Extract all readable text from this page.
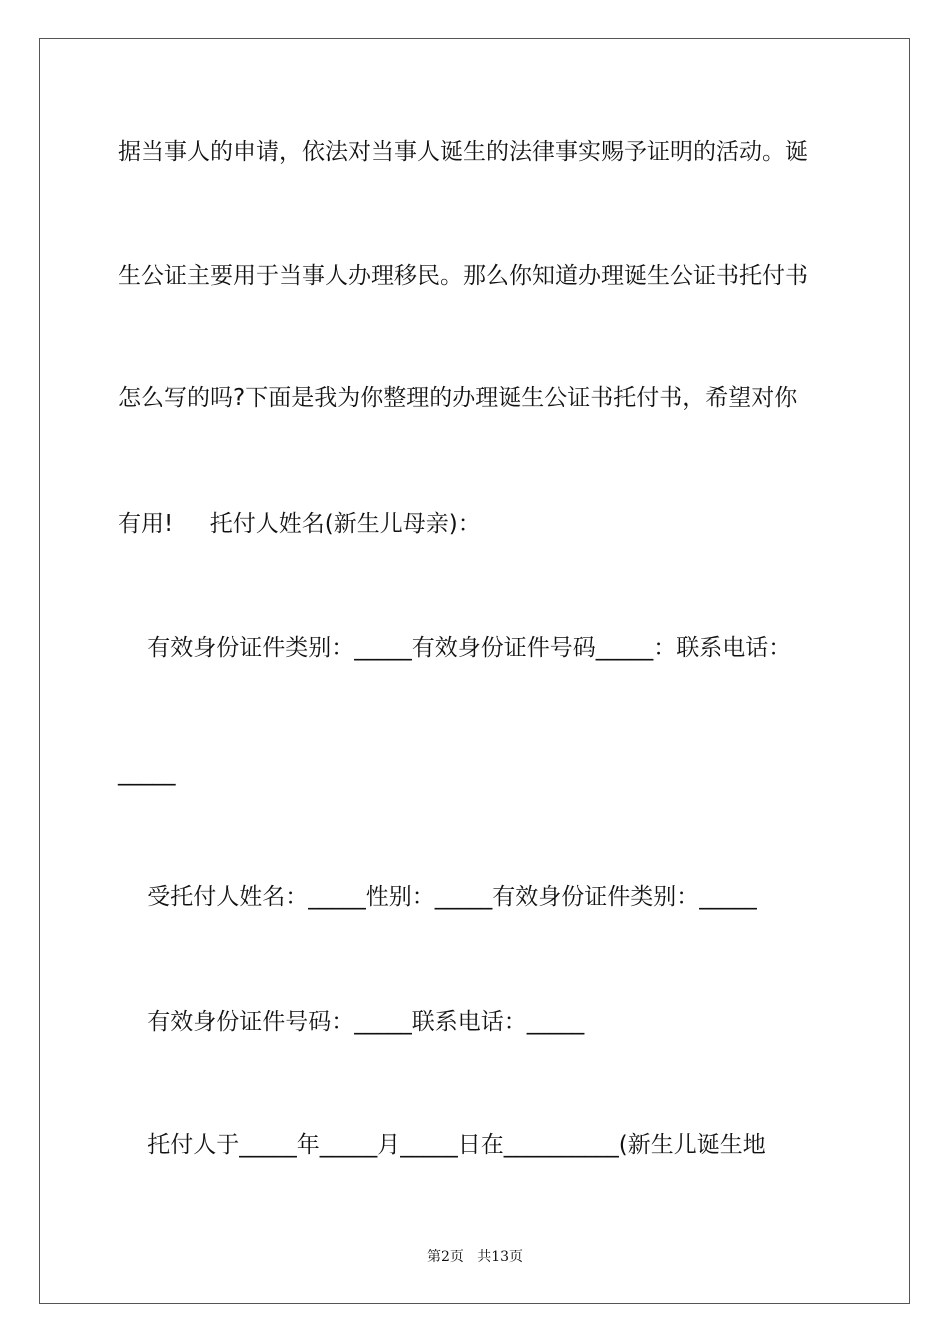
据当事人的申请，依法对当事人诞生的法律事实赐予证明的活动。诞
生公证主要用于当事人办理移民。那么你知道办理诞生公证书托付书
怎么写的吗?下面是我为你整理的办理诞生公证书托付书，希望对你
有用!     托付人姓名(新生儿母亲)：
有效身份证件类别：_____有效身份证件号码_____：联系电话：
_____
受托付人姓名：_____性别：_____有效身份证件类别：_____
有效身份证件号码：_____联系电话：_____
托付人于_____年_____月_____日在__________(新生儿诞生地
第2页   共13页
